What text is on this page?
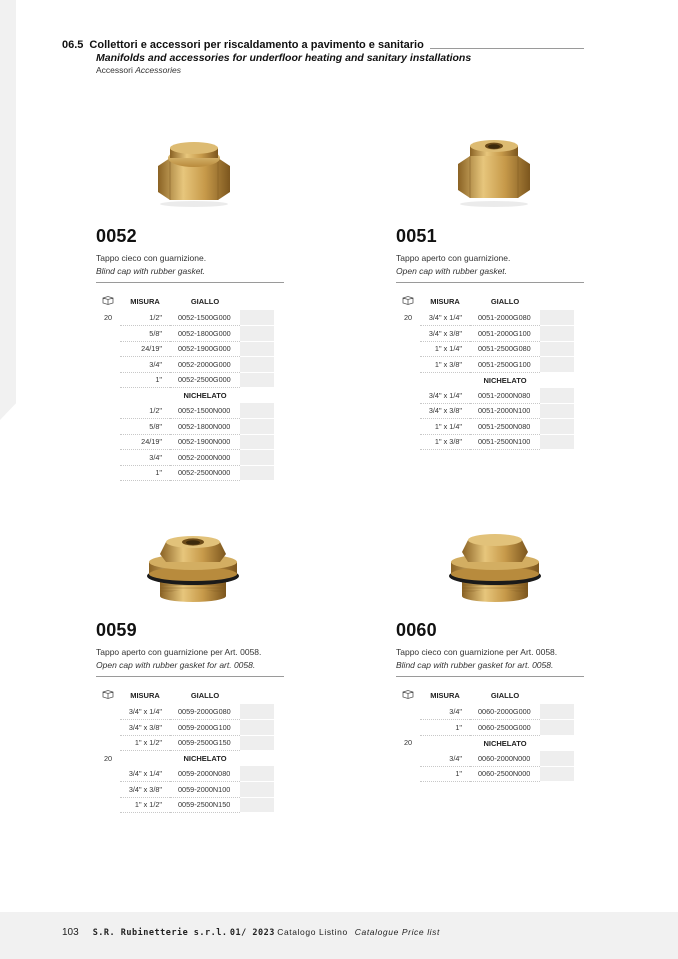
06.5 Collettori e accessori per riscaldamento a pavimento e sanitario
Manifolds and accessories for underfloor heating and sanitary installations
Accessori Accessories
0052
Tappo cieco con guarnizione.
Blind cap with rubber gasket.
	MISURA	GIALLO	
20	1/2"	0052-1500G000	
	5/8"	0052-1800G000	
	24/19"	0052-1900G000	
	3/4"	0052-2000G000	
	1"	0052-2500G000	
		NICHELATO	
	1/2"	0052-1500N000	
	5/8"	0052-1800N000	
	24/19"	0052-1900N000	
	3/4"	0052-2000N000	
	1"	0052-2500N000	
0051
Tappo aperto con guarnizione.
Open cap with rubber gasket.
	MISURA	GIALLO	
20	3/4" x 1/4"	0051-2000G080	
	3/4" x 3/8"	0051-2000G100	
	1" x 1/4"	0051-2500G080	
	1" x 3/8"	0051-2500G100	
		NICHELATO	
	3/4" x 1/4"	0051-2000N080	
	3/4" x 3/8"	0051-2000N100	
	1" x 1/4"	0051-2500N080	
	1" x 3/8"	0051-2500N100	
0059
Tappo aperto con guarnizione per Art. 0058.
Open cap with rubber gasket for art. 0058.
	MISURA	GIALLO	
	3/4" x 1/4"	0059-2000G080	
	3/4" x 3/8"	0059-2000G100	
	1" x 1/2"	0059-2500G150	
20		NICHELATO	
	3/4" x 1/4"	0059-2000N080	
	3/4" x 3/8"	0059-2000N100	
	1" x 1/2"	0059-2500N150	
0060
Tappo cieco con guarnizione per Art. 0058.
Blind cap with rubber gasket for art. 0058.
	MISURA	GIALLO	
	3/4"	0060-2000G000	
	1"	0060-2500G000	
20		NICHELATO	
	3/4"	0060-2000N000	
	1"	0060-2500N000	
103 S.R. Rubinetterie s.r.l. 01/ 2023 Catalogo Listino Catalogue Price list
